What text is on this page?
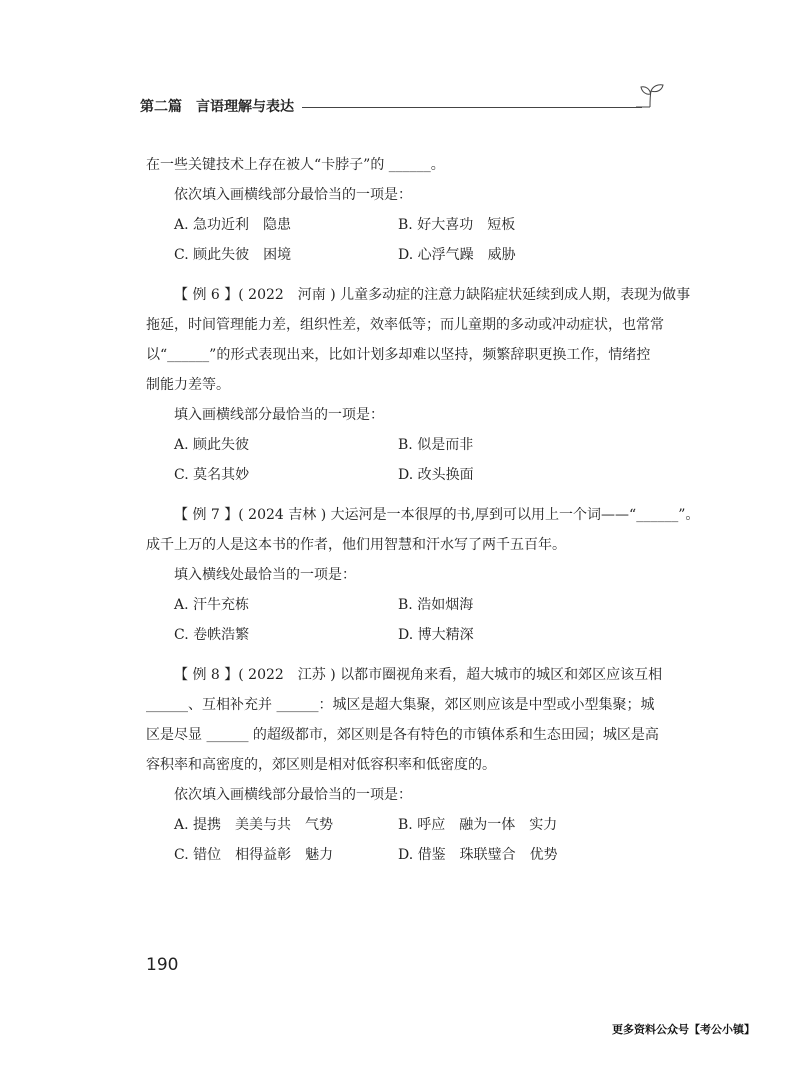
第二篇　言语理解与表达
在一些关键技术上存在被人“卡脖子”的 ______。
依次填入画横线部分最恰当的一项是：
A. 急功近利　隐患	B. 好大喜功　短板
C. 顾此失彼　困境	D. 心浮气躁　威胁
【 例 6 】( 2022　河南 ) 儿童多动症的注意力缺陷症状延续到成人期，表现为做事
拖延，时间管理能力差，组织性差，效率低等；而儿童期的多动或冲动症状，也常常
以“______”的形式表现出来，比如计划多却难以坚持，频繁辞职更换工作，情绪控
制能力差等。
填入画横线部分最恰当的一项是：
A. 顾此失彼	B. 似是而非
C. 莫名其妙	D. 改头换面
【 例 7 】( 2024 吉林 ) 大运河是一本很厚的书,厚到可以用上一个词——“______”。
成千上万的人是这本书的作者，他们用智慧和汗水写了两千五百年。
填入横线处最恰当的一项是：
A. 汗牛充栋	B. 浩如烟海
C. 卷帙浩繁	D. 博大精深
【 例 8 】( 2022　江苏 ) 以都市圈视角来看，超大城市的城区和郊区应该互相
______、互相补充并 ______：城区是超大集聚，郊区则应该是中型或小型集聚；城
区是尽显 ______ 的超级都市，郊区则是各有特色的市镇体系和生态田园；城区是高
容积率和高密度的，郊区则是相对低容积率和低密度的。
依次填入画横线部分最恰当的一项是：
A. 提携　美美与共　气势	B. 呼应　融为一体　实力
C. 错位　相得益彰　魅力	D. 借鉴　珠联璧合　优势
190
更多资料公众号【考公小镇】
